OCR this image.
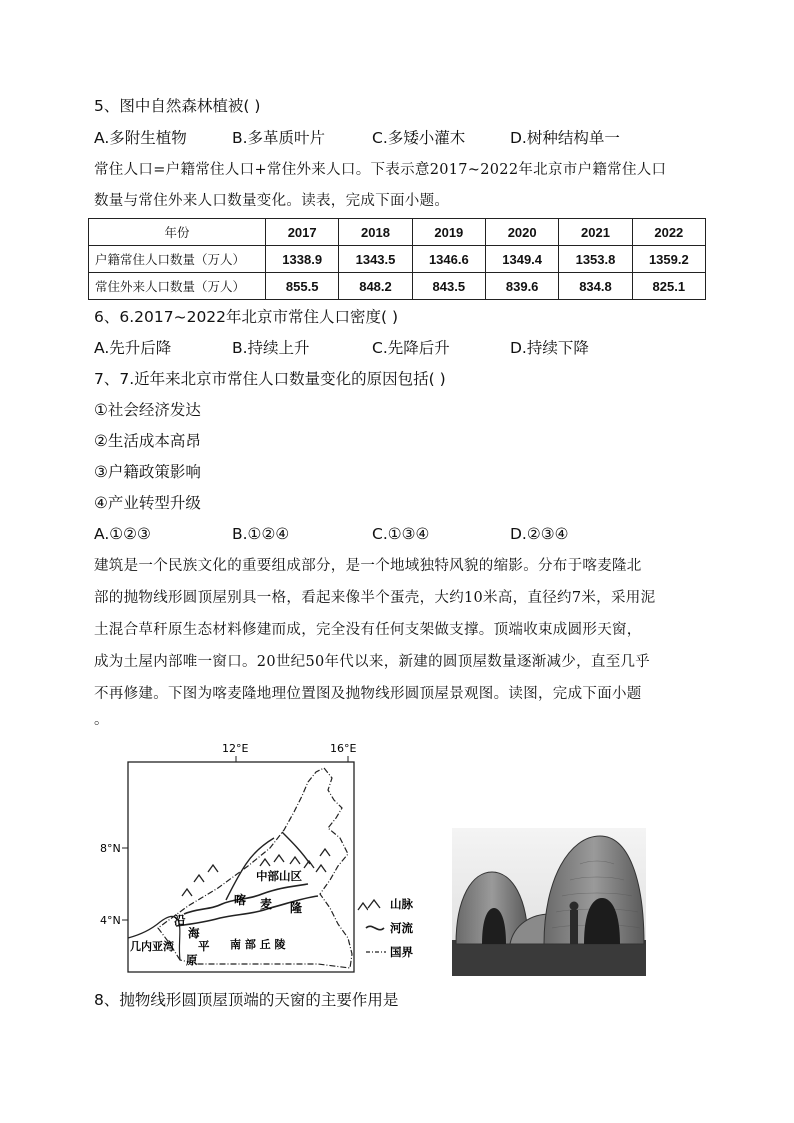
5、图中自然森林植被( )
A.多附生植物	B.多革质叶片	C.多矮小灌木	D.树种结构单一
常住人口=户籍常住人口+常住外来人口。下表示意2017~2022年北京市户籍常住人口
数量与常住外来人口数量变化。读表，完成下面小题。
年份	2017	2018	2019	2020	2021	2022
户籍常住人口数量（万人）	1338.9	1343.5	1346.6	1349.4	1353.8	1359.2
常住外来人口数量（万人）	855.5	848.2	843.5	839.6	834.8	825.1
6、6.2017~2022年北京市常住人口密度( )
A.先升后降	B.持续上升	C.先降后升	D.持续下降
7、7.近年来北京市常住人口数量变化的原因包括( )
①社会经济发达
②生活成本高昂
③户籍政策影响
④产业转型升级
A.①②③	B.①②④	C.①③④	D.②③④
建筑是一个民族文化的重要组成部分，是一个地域独特风貌的缩影。分布于喀麦隆北
部的抛物线形圆顶屋别具一格，看起来像半个蛋壳，大约10米高，直径约7米，采用泥
土混合草秆原生态材料修建而成，完全没有任何支架做支撑。顶端收束成圆形天窗，
成为土屋内部唯一窗口。20世纪50年代以来，新建的圆顶屋数量逐渐减少，直至几乎
不再修建。下图为喀麦隆地理位置图及抛物线形圆顶屋景观图。读图，完成下面小题
。
12°E	16°E
8°N
4°N
中部山区
喀 麦 隆
沿
海
平
原
几内亚湾	南 部 丘 陵
山脉
河流
国界
8、抛物线形圆顶屋顶端的天窗的主要作用是
